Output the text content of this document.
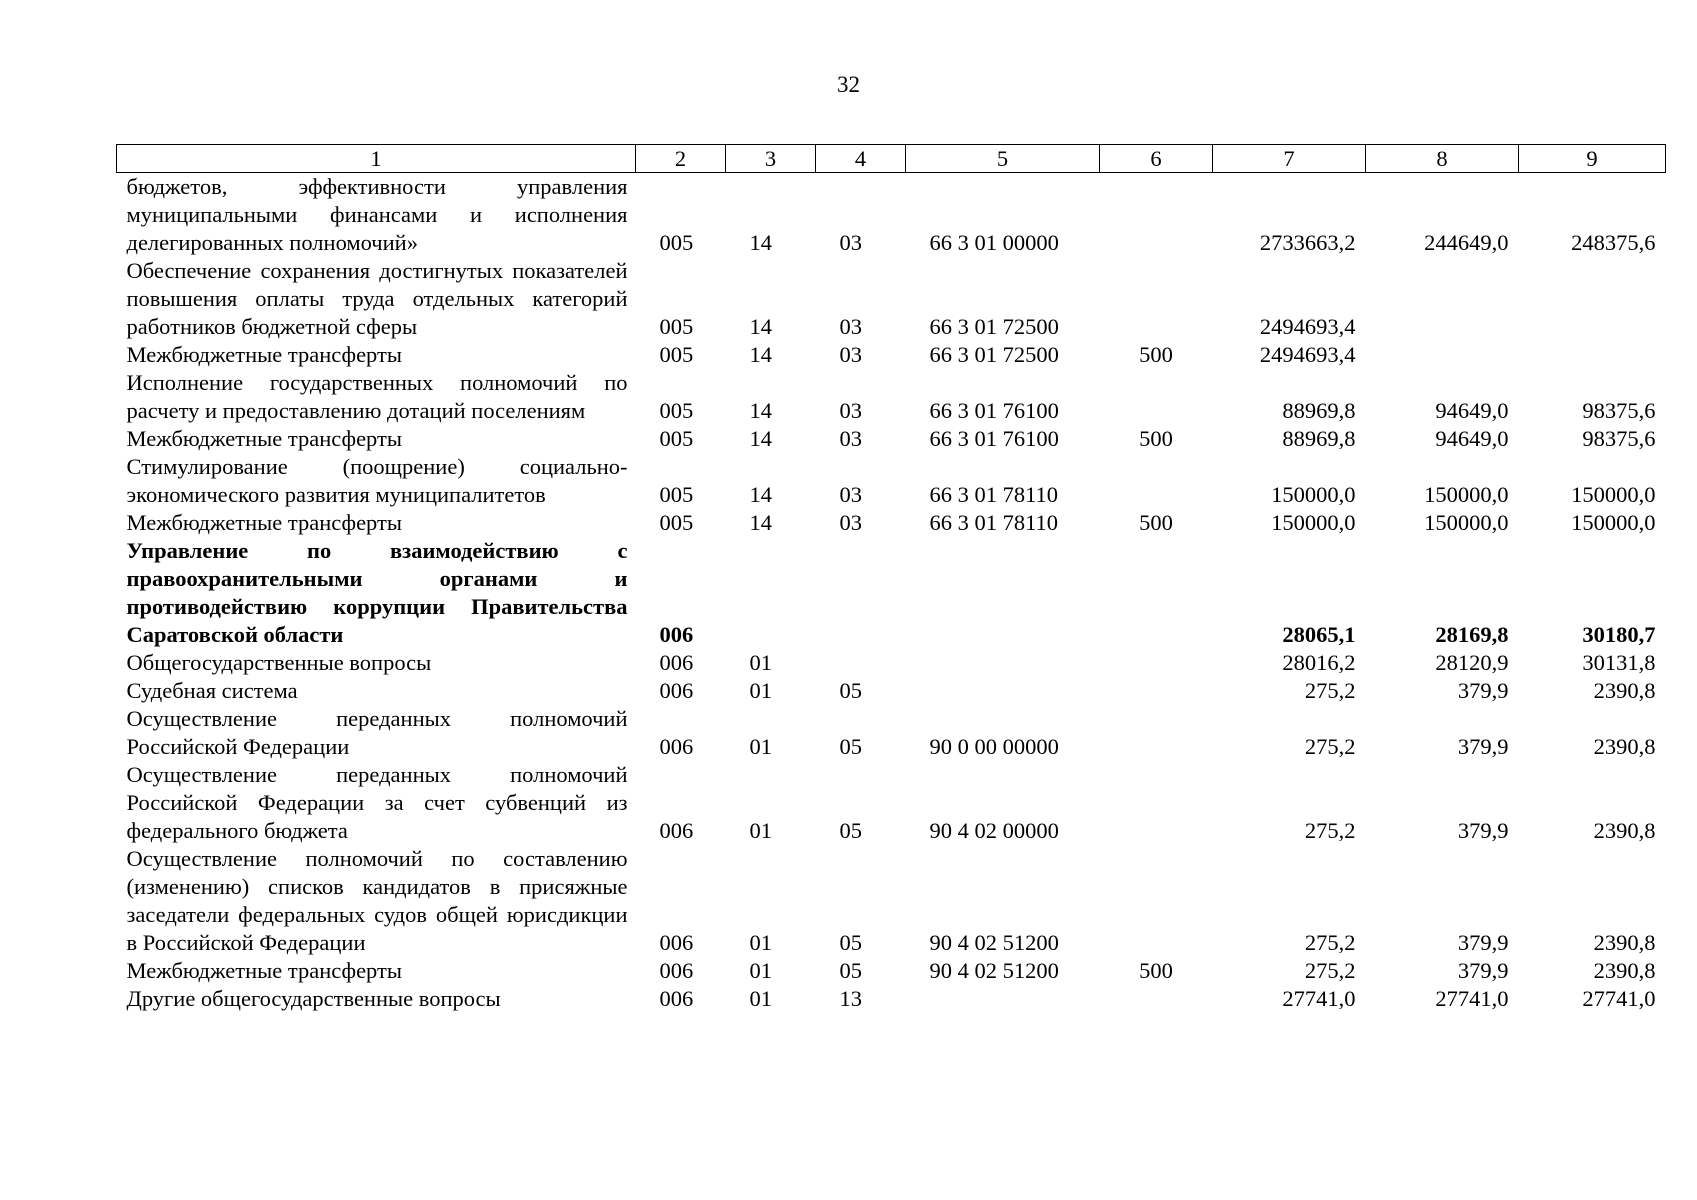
32
1	2	3	4	5	6	7	8	9
бюджетов, эффективности управления муниципальными финансами и исполнения делегированных полномочий»	005	14	03	66 3 01 00000		2733663,2	244649,0	248375,6
Обеспечение сохранения достигнутых показателей повышения оплаты труда отдельных категорий работников бюджетной сферы	005	14	03	66 3 01 72500		2494693,4		
Межбюджетные трансферты	005	14	03	66 3 01 72500	500	2494693,4		
Исполнение государственных полномочий по расчету и предоставлению дотаций поселениям	005	14	03	66 3 01 76100		88969,8	94649,0	98375,6
Межбюджетные трансферты	005	14	03	66 3 01 76100	500	88969,8	94649,0	98375,6
Стимулирование (поощрение) социально-экономического развития муниципалитетов	005	14	03	66 3 01 78110		150000,0	150000,0	150000,0
Межбюджетные трансферты	005	14	03	66 3 01 78110	500	150000,0	150000,0	150000,0
Управление по взаимодействию с правоохранительными органами и противодействию коррупции Правительства Саратовской области	006					28065,1	28169,8	30180,7
Общегосударственные вопросы	006	01				28016,2	28120,9	30131,8
Судебная система	006	01	05			275,2	379,9	2390,8
Осуществление переданных полномочий Российской Федерации	006	01	05	90 0 00 00000		275,2	379,9	2390,8
Осуществление переданных полномочий Российской Федерации за счет субвенций из федерального бюджета	006	01	05	90 4 02 00000		275,2	379,9	2390,8
Осуществление полномочий по составлению (изменению) списков кандидатов в присяжные заседатели федеральных судов общей юрисдикции в Российской Федерации	006	01	05	90 4 02 51200		275,2	379,9	2390,8
Межбюджетные трансферты	006	01	05	90 4 02 51200	500	275,2	379,9	2390,8
Другие общегосударственные вопросы	006	01	13			27741,0	27741,0	27741,0
